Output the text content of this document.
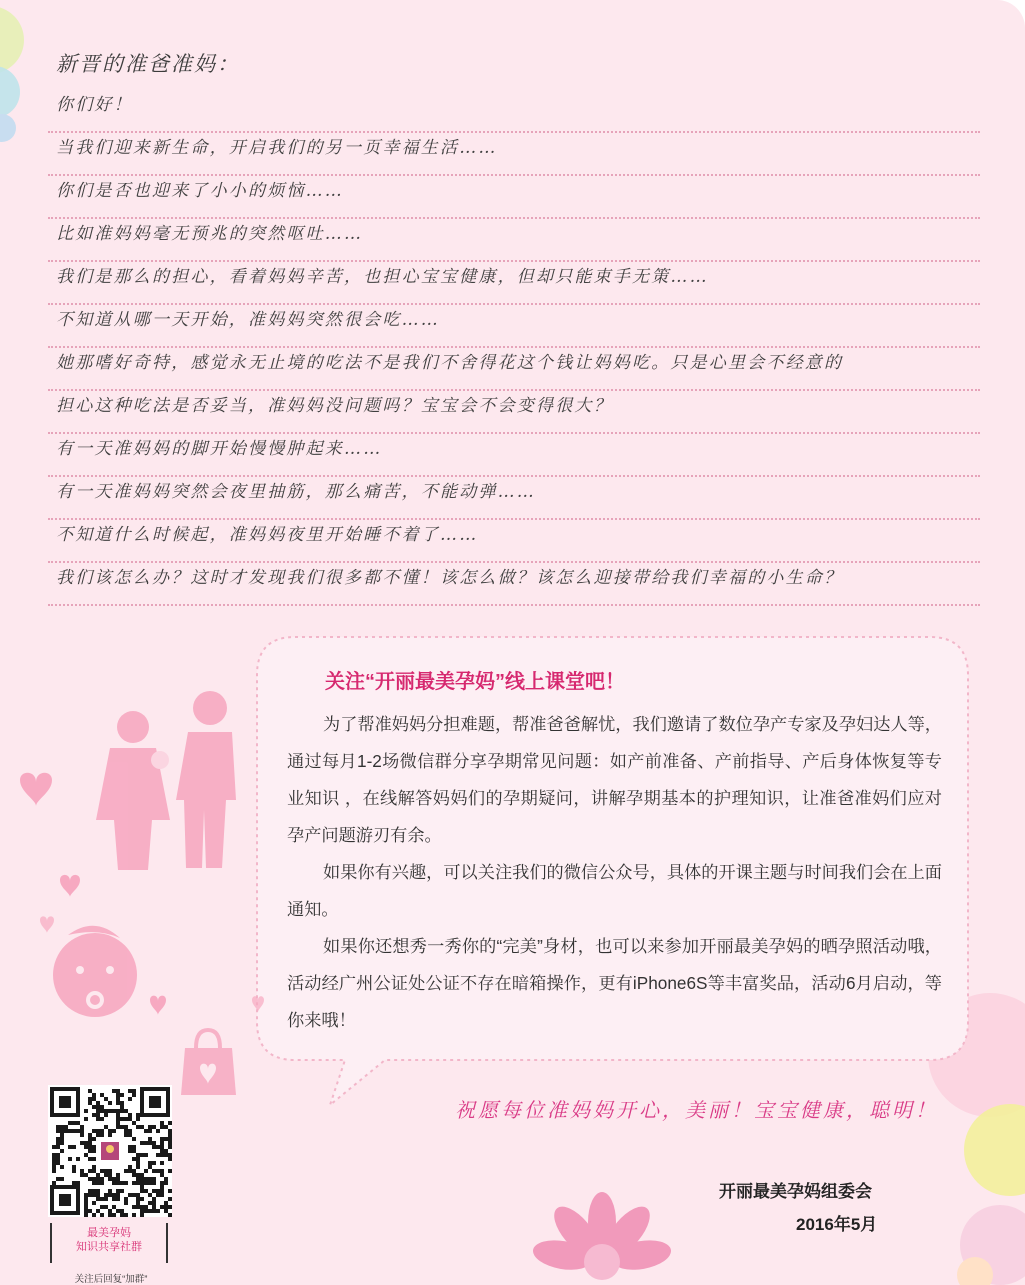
新晋的准爸准妈：
你们好！
当我们迎来新生命，开启我们的另一页幸福生活……
你们是否也迎来了小小的烦恼……
比如准妈妈毫无预兆的突然呕吐……
我们是那么的担心，看着妈妈辛苦，也担心宝宝健康，但却只能束手无策……
不知道从哪一天开始，准妈妈突然很会吃……
她那嗜好奇特，感觉永无止境的吃法不是我们不舍得花这个钱让妈妈吃。只是心里会不经意的
担心这种吃法是否妥当，准妈妈没问题吗？宝宝会不会变得很大？
有一天准妈妈的脚开始慢慢肿起来……
有一天准妈妈突然会夜里抽筋，那么痛苦，不能动弹……
不知道什么时候起，准妈妈夜里开始睡不着了……
我们该怎么办？这时才发现我们很多都不懂！该怎么做？该怎么迎接带给我们幸福的小生命？
关注“开丽最美孕妈”线上课堂吧！

为了帮准妈妈分担难题，帮准爸爸解忧，我们邀请了数位孕产专家及孕妇达人等，通过每月1-2场微信群分享孕期常见问题：如产前准备、产前指导、产后身体恢复等专业知识 ，在线解答妈妈们的孕期疑问，讲解孕期基本的护理知识，让准爸准妈们应对孕产问题游刃有余。

如果你有兴趣，可以关注我们的微信公众号，具体的开课主题与时间我们会在上面通知。

如果你还想秀一秀你的“完美”身材，也可以来参加开丽最美孕妈的晒孕照活动哦，活动经广州公证处公证不存在暗箱操作，更有iPhone6S等丰富奖品，活动6月启动，等你来哦！

祝愿每位准妈妈开心，美丽！宝宝健康，聪明！
开丽最美孕妈组委会
2016年5月
最美孕妈
知识共享社群
关注后回复“加群”
